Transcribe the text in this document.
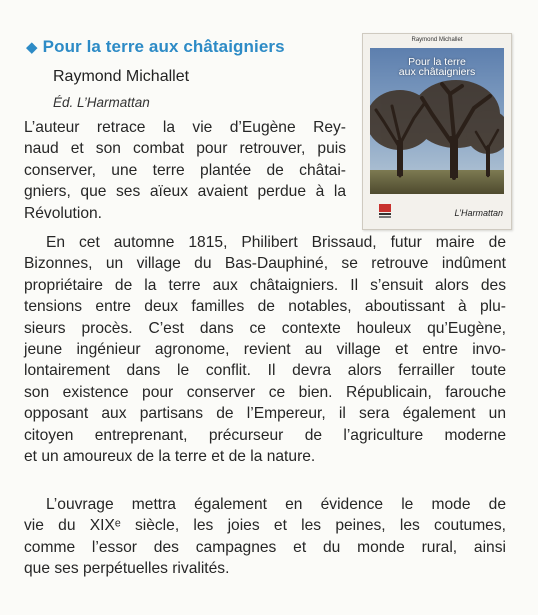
◆ Pour la terre aux châtaigniers
Raymond Michallet
Éd. L’Harmattan

L’auteur retrace la vie d’Eugène Rey-
naud et son combat pour retrouver, puis
conserver, une terre plantée de châtai-
gniers, que ses aïeux avaient perdue à la
Révolution.

En cet automne 1815, Philibert Brissaud, futur maire de
Bizonnes, un village du Bas-Dauphiné, se retrouve indûment
propriétaire de la terre aux châtaigniers. Il s’ensuit alors des
tensions entre deux familles de notables, aboutissant à plu-
sieurs procès. C’est dans ce contexte houleux qu’Eugène,
jeune ingénieur agronome, revient au village et entre invo-
lontairement dans le conflit. Il devra alors ferrailler toute
son existence pour conserver ce bien. Républicain, farouche
opposant aux partisans de l’Empereur, il sera également un
citoyen entreprenant, précurseur de l’agriculture moderne
et un amoureux de la terre et de la nature.

L’ouvrage mettra également en évidence le mode de
vie du XIXᵉ siècle, les joies et les peines, les coutumes,
comme l’essor des campagnes et du monde rural, ainsi
que ses perpétuelles rivalités.

Raymond Michallet
Pour la terre
aux châtaigniers
L’Harmattan
